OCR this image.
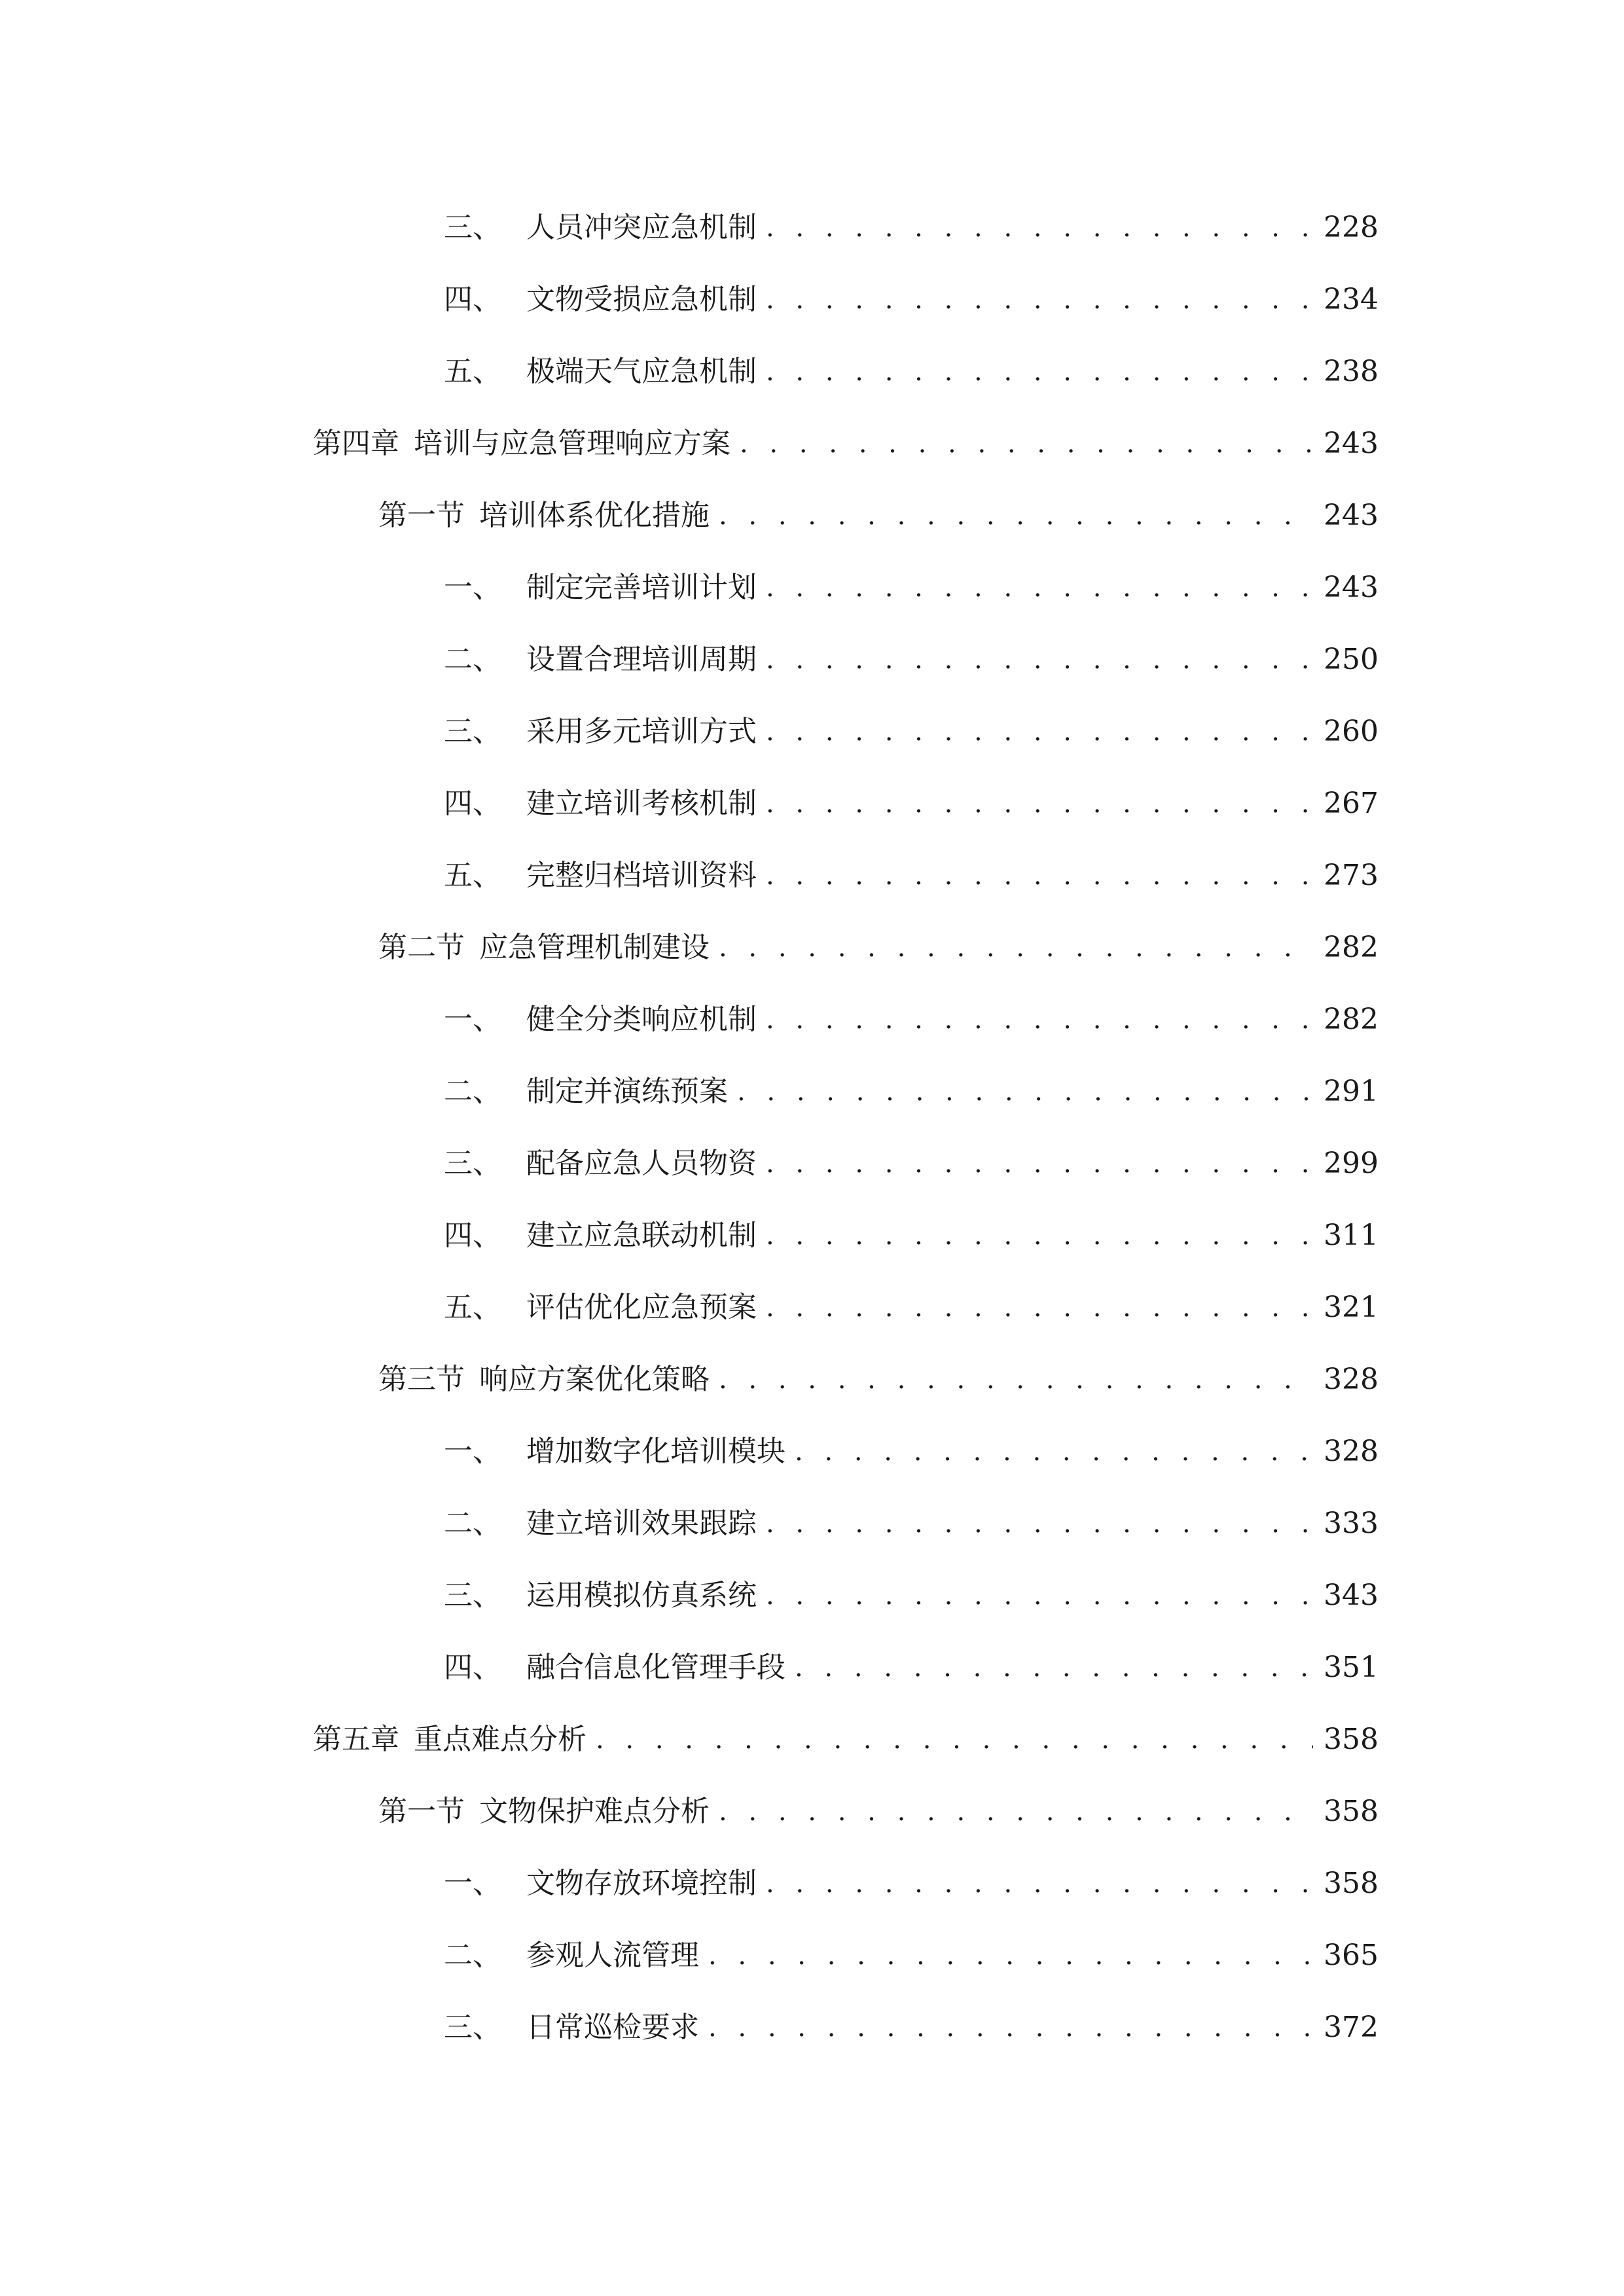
三、 人员冲突应急机制 . . .	228
四、 文物受损应急机制 . . .	234
五、 极端天气应急机制 . . .	238
第四章 培训与应急管理响应方案 . . .	243
第一节 培训体系优化措施 . . .	243
一、 制定完善培训计划 . . .	243
二、 设置合理培训周期 . . .	250
三、 采用多元培训方式 . . .	260
四、 建立培训考核机制 . . .	267
五、 完整归档培训资料 . . .	273
第二节 应急管理机制建设 . . .	282
一、 健全分类响应机制 . . .	282
二、 制定并演练预案 . . .	291
三、 配备应急人员物资 . . .	299
四、 建立应急联动机制 . . .	311
五、 评估优化应急预案 . . .	321
第三节 响应方案优化策略 . . .	328
一、 增加数字化培训模块 . . .	328
二、 建立培训效果跟踪 . . .	333
三、 运用模拟仿真系统 . . .	343
四、 融合信息化管理手段 . . .	351
第五章 重点难点分析 . . .	358
第一节 文物保护难点分析 . . .	358
一、 文物存放环境控制 . . .	358
二、 参观人流管理 . . .	365
三、 日常巡检要求 . . .	372
